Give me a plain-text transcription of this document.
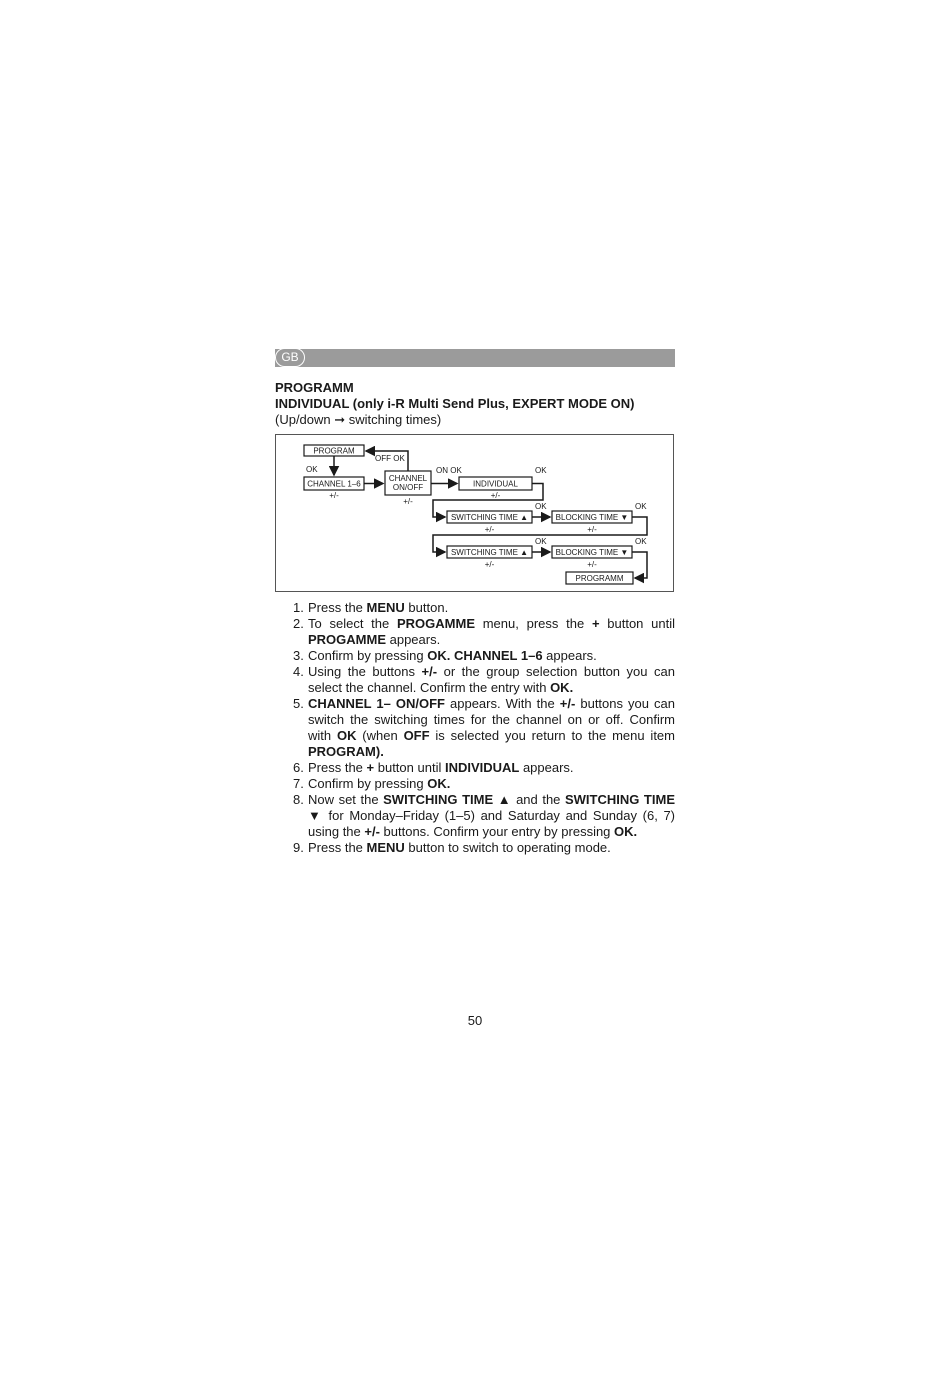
GB
PROGRAMM
INDIVIDUAL (only i-R Multi Send Plus, EXPERT MODE ON)
(Up/down ➞ switching times)
PROGRAM
CHANNEL 1–6
CHANNEL
ON/OFF	INDIVIDUAL
SWITCHING TIME ▲	BLOCKING TIME ▼
SWITCHING TIME ▲	BLOCKING TIME ▼
PROGRAMM
OK
OFF OK
ON OK	OK
OK	OK
OK	OK
+/-
+/-
+/-
+/-	+/-
+/-	+/-
1. Press the MENU button.
2. To select the PROGAMME menu, press the + button until PROGAMME appears.
3. Confirm by pressing OK. CHANNEL 1–6 appears.
4. Using the buttons +/- or the group selection button you can select the channel. Confirm the entry with OK.
5. CHANNEL 1– ON/OFF appears. With the +/- buttons you can switch the switching times for the channel on or off. Confirm with OK (when OFF is selected you return to the menu item PROGRAM).
6. Press the + button until INDIVIDUAL appears.
7. Confirm by pressing OK.
8. Now set the SWITCHING TIME ▲ and the SWITCHING TIME ▼ for Monday–Friday (1–5) and Saturday and Sunday (6, 7) using the +/- buttons. Confirm your entry by pressing OK.
9. Press the MENU button to switch to operating mode.
50
